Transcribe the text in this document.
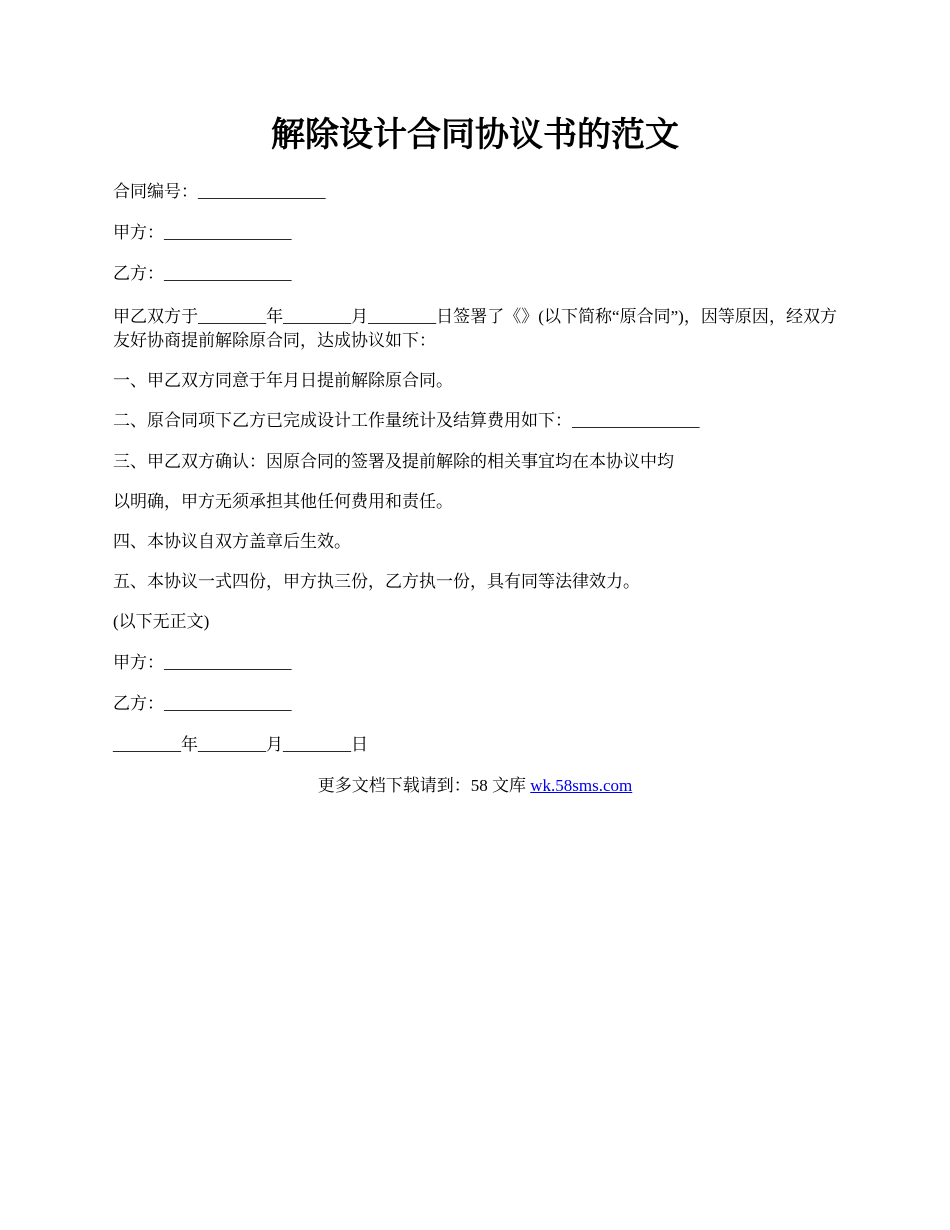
解除设计合同协议书的范文
合同编号：_______________
甲方：_______________
乙方：_______________
甲乙双方于________年________月________日签署了《》(以下简称“原合同”)，因等原因，经双方友好协商提前解除原合同，达成协议如下：
一、甲乙双方同意于年月日提前解除原合同。
二、原合同项下乙方已完成设计工作量统计及结算费用如下：_______________
三、甲乙双方确认：因原合同的签署及提前解除的相关事宜均在本协议中均
以明确，甲方无须承担其他任何费用和责任。
四、本协议自双方盖章后生效。
五、本协议一式四份，甲方执三份，乙方执一份，具有同等法律效力。
(以下无正文)
甲方：_______________
乙方：_______________
________年________月________日
更多文档下载请到：58 文库 wk.58sms.com
